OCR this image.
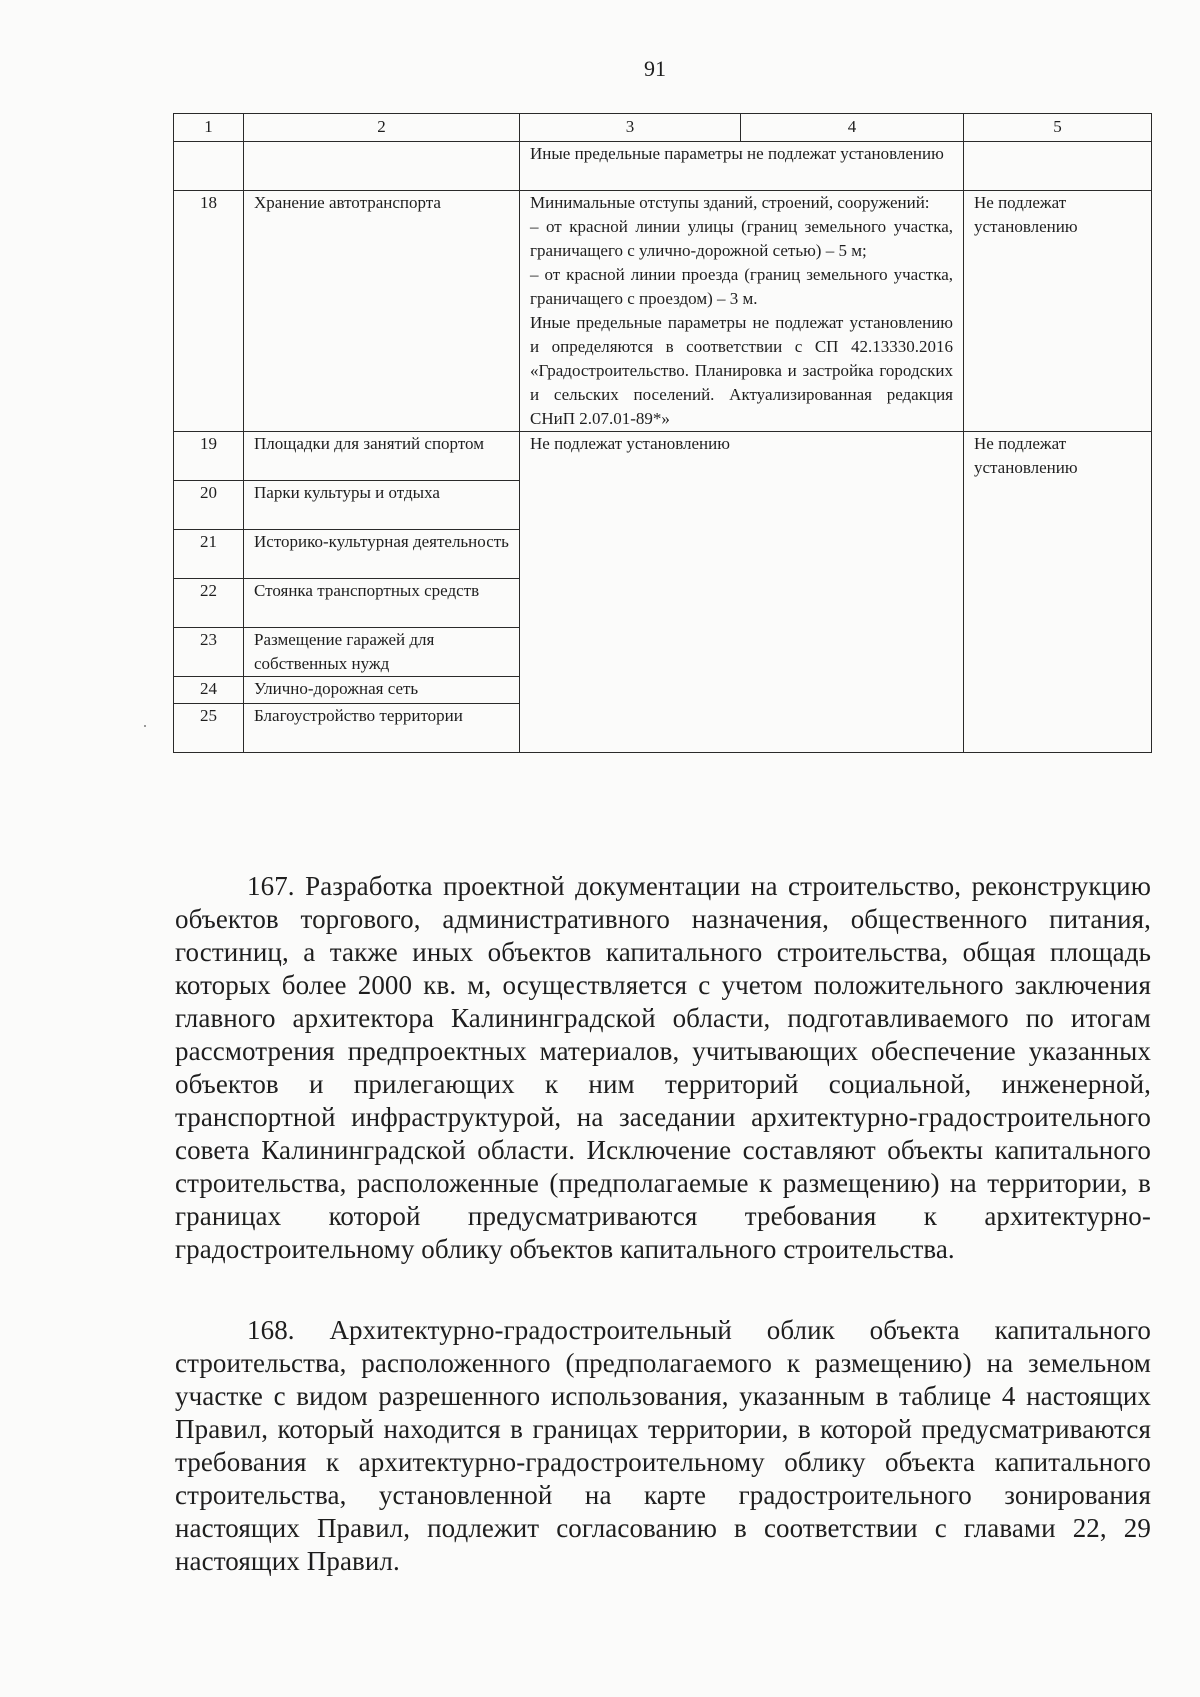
91
1	2	3	4	5
		Иные предельные параметры не подлежат установлению		
18	Хранение автотранспорта	Минимальные отступы зданий, строений, сооружений:
– от красной линии улицы (границ земельного участка, граничащего с улично-дорожной сетью) – 5 м;
– от красной линии проезда (границ земельного участка, граничащего с проездом) – 3 м.
Иные предельные параметры не подлежат установлению и определяются в соответствии с СП 42.13330.2016 «Градостроительство. Планировка и застройка городских и сельских поселений. Актуализированная редакция СНиП 2.07.01-89*»		Не подлежат установлению
19	Площадки для занятий спортом	Не подлежат установлению		Не подлежат установлению
20	Парки культуры и отдыха			
21	Историко-культурная деятельность			
22	Стоянка транспортных средств			
23	Размещение гаражей для собственных нужд			
24	Улично-дорожная сеть			
25	Благоустройство территории			

167. Разработка проектной документации на строительство, реконструкцию объектов торгового, административного назначения, общественного питания, гостиниц, а также иных объектов капитального строительства, общая площадь которых более 2000 кв. м, осуществляется с учетом положительного заключения главного архитектора Калининградской области, подготавливаемого по итогам рассмотрения предпроектных материалов, учитывающих обеспечение указанных объектов и прилегающих к ним территорий социальной, инженерной, транспортной инфраструктурой, на заседании архитектурно-градостроительного совета Калининградской области. Исключение составляют объекты капитального строительства, расположенные (предполагаемые к размещению) на территории, в границах которой предусматриваются требования к архитектурно-градостроительному облику объектов капитального строительства.

168. Архитектурно-градостроительный облик объекта капитального строительства, расположенного (предполагаемого к размещению) на земельном участке с видом разрешенного использования, указанным в таблице 4 настоящих Правил, который находится в границах территории, в которой предусматриваются требования к архитектурно-градостроительному облику объекта капитального строительства, установленной на карте градостроительного зонирования настоящих Правил, подлежит согласованию в соответствии с главами 22, 29 настоящих Правил.
